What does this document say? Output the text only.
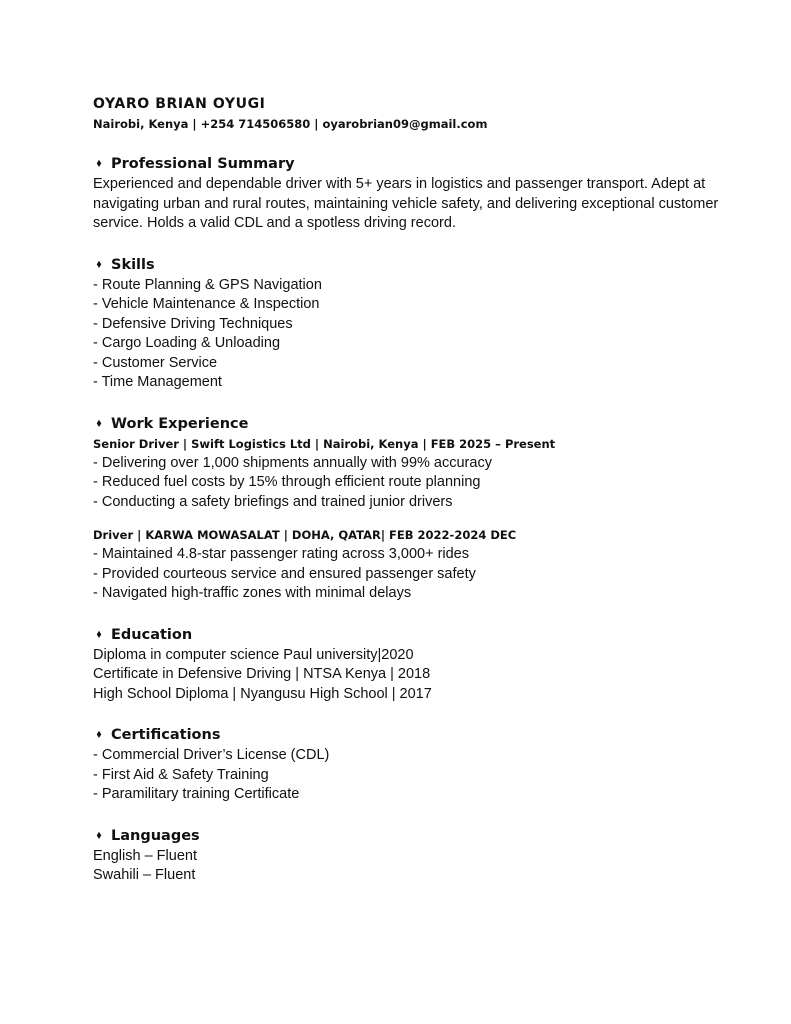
OYARO BRIAN OYUGI

Nairobi, Kenya | +254 714506580 | oyarobrian09@gmail.com

⬧ Professional Summary

Experienced and dependable driver with 5+ years in logistics and passenger transport. Adept at navigating urban and rural routes, maintaining vehicle safety, and delivering exceptional customer service. Holds a valid CDL and a spotless driving record.

⬧ Skills

- Route Planning & GPS Navigation

- Vehicle Maintenance & Inspection

- Defensive Driving Techniques

- Cargo Loading & Unloading

- Customer Service

- Time Management

⬧ Work Experience

Senior Driver | Swift Logistics Ltd | Nairobi, Kenya | FEB 2025 – Present

- Delivering over 1,000 shipments annually with 99% accuracy

- Reduced fuel costs by 15% through efficient route planning

- Conducting a safety briefings and trained junior drivers

Driver | KARWA MOWASALAT | DOHA, QATAR| FEB 2022-2024 DEC

- Maintained 4.8-star passenger rating across 3,000+ rides

- Provided courteous service and ensured passenger safety

- Navigated high-traffic zones with minimal delays

⬧ Education

Diploma in computer science Paul university|2020

Certificate in Defensive Driving | NTSA Kenya | 2018

High School Diploma | Nyangusu High School | 2017

⬧ Certifications

- Commercial Driver’s License (CDL)

- First Aid & Safety Training

- Paramilitary training Certificate

⬧ Languages

English – Fluent

Swahili – Fluent
